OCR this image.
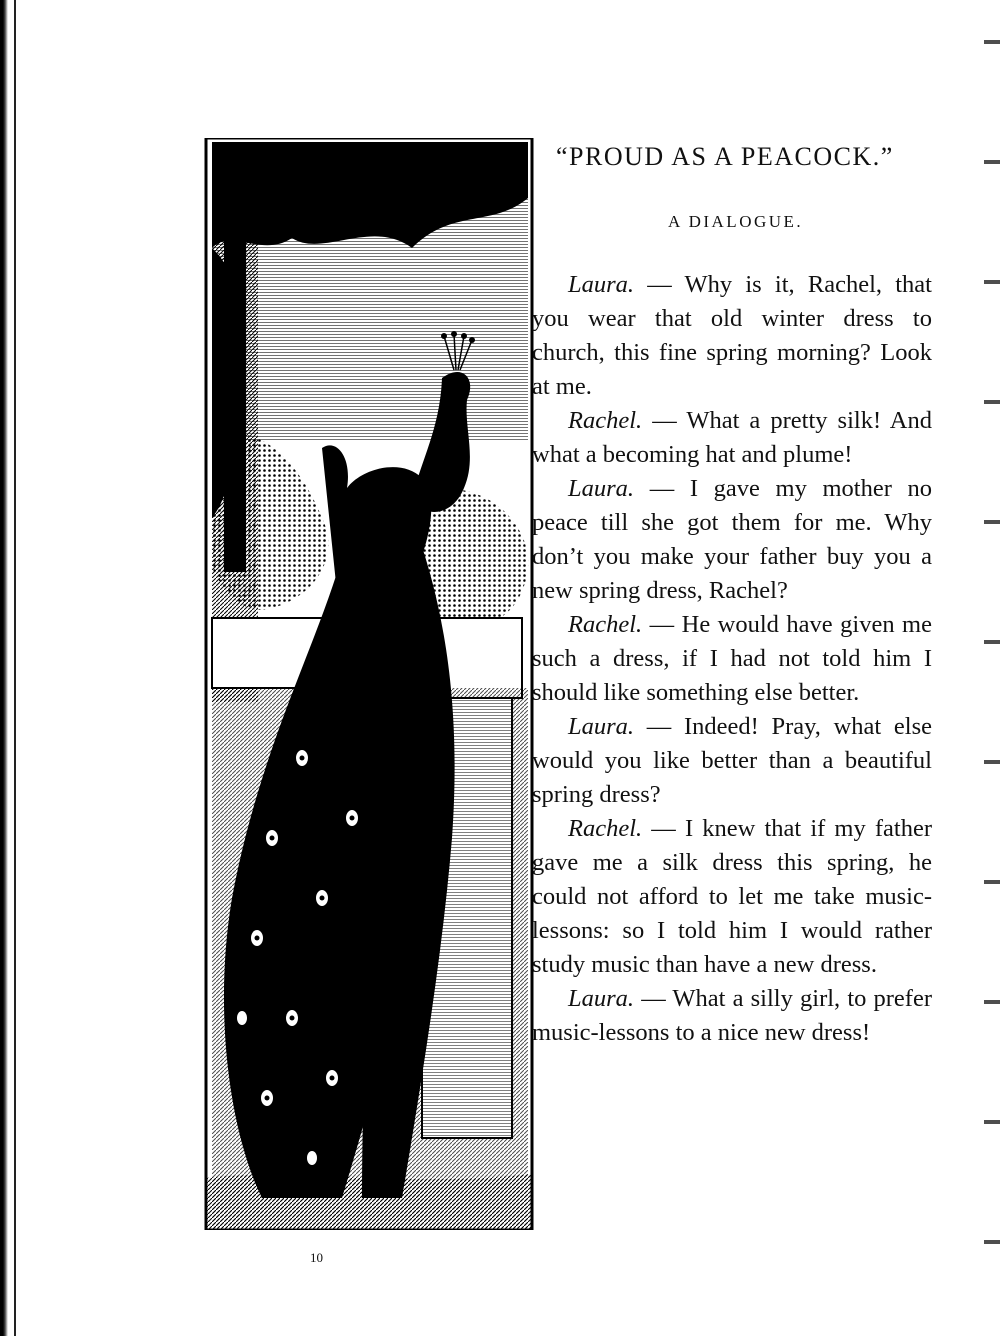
“PROUD AS A PEACOCK.”
A DIALOGUE.

Laura. — Why is it, Rachel, that you wear that old winter dress to church, this fine spring morning? Look at me.

Rachel. — What a pretty silk! And what a becoming hat and plume!

Laura. — I gave my mother no peace till she got them for me. Why don’t you make your father buy you a new spring dress, Rachel?

Rachel. — He would have given me such a dress, if I had not told him I should like something else better.

Laura. — Indeed! Pray, what else would you like better than a beautiful spring dress?

Rachel. — I knew that if my father gave me a silk dress this spring, he could not afford to let me take music-lessons: so I told him I would rather study music than have a new dress.

Laura. — What a silly girl, to prefer music-lessons to a nice new dress!

10
